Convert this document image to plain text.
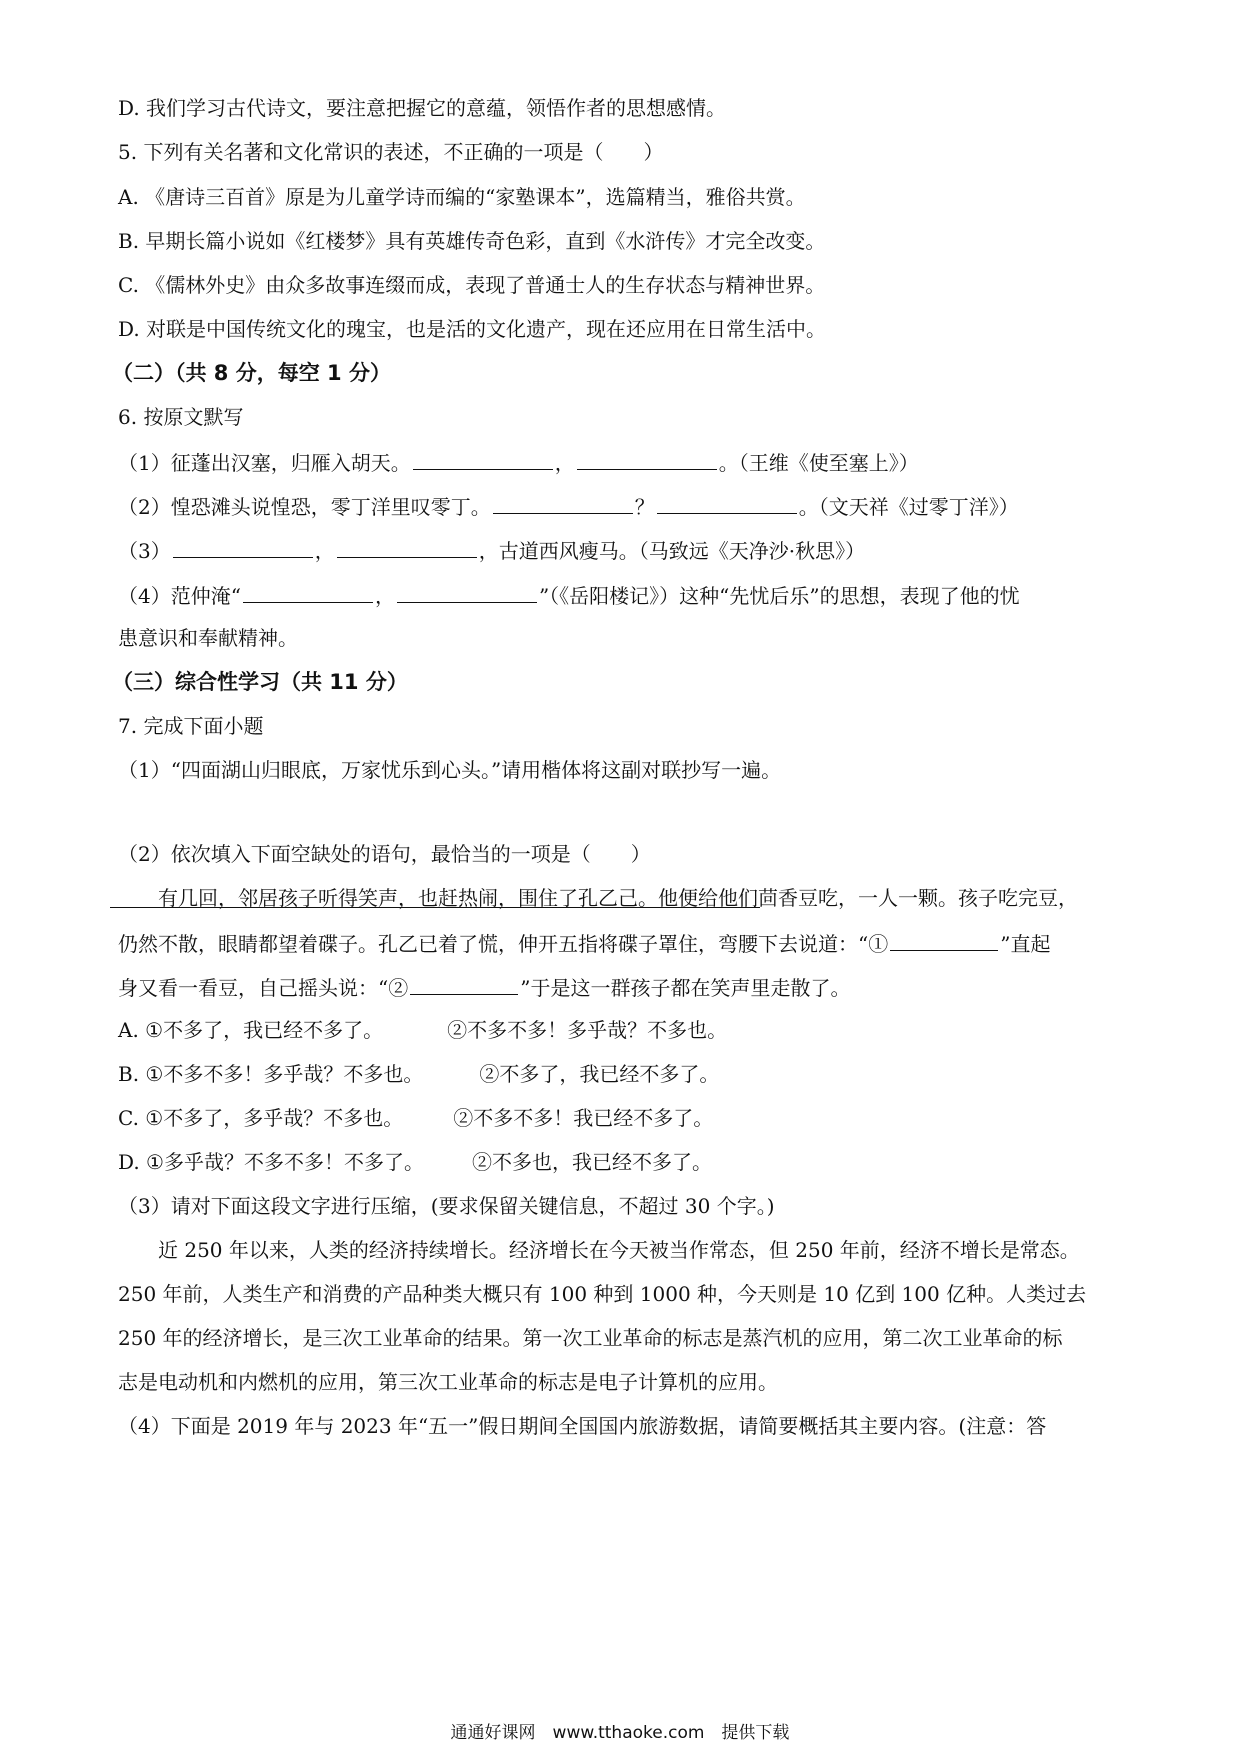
D. 我们学习古代诗文，要注意把握它的意蕴，领悟作者的思想感情。
5. 下列有关名著和文化常识的表述，不正确的一项是（　　）
A. 《唐诗三百首》原是为儿童学诗而编的“家塾课本”，选篇精当，雅俗共赏。
B. 早期长篇小说如《红楼梦》具有英雄传奇色彩，直到《水浒传》才完全改变。
C. 《儒林外史》由众多故事连缀而成，表现了普通士人的生存状态与精神世界。
D. 对联是中国传统文化的瑰宝，也是活的文化遗产，现在还应用在日常生活中。
（二）（共 8 分，每空 1 分）
6. 按原文默写
（1）征蓬出汉塞，归雁入胡天。	，	。（王维《使至塞上》）
（2）惶恐滩头说惶恐，零丁洋里叹零丁。	？	。（文天祥《过零丁洋》）
（3）	，	，古道西风瘦马。（马致远《天净沙·秋思》）
（4）范仲淹“	，	”（《岳阳楼记》）这种“先忧后乐”的思想，表现了他的忧
患意识和奉献精神。
（三）综合性学习（共 11 分）
7. 完成下面小题
（1）“四面湖山归眼底，万家忧乐到心头。”请用楷体将这副对联抄写一遍。
（2）依次填入下面空缺处的语句，最恰当的一项是（　　）
有几回，邻居孩子听得笑声，也赶热闹，围住了孔乙己。他便给他们茴香豆吃，一人一颗。孩子吃完豆，
仍然不散，眼睛都望着碟子。孔乙已着了慌，伸开五指将碟子罩住，弯腰下去说道：“①	”直起
身又看一看豆，自己摇头说：“②	”于是这一群孩子都在笑声里走散了。
A. ①不多了，我已经不多了。	②不多不多！多乎哉？不多也。
B. ①不多不多！多乎哉？不多也。	②不多了，我已经不多了。
C. ①不多了，多乎哉？不多也。	②不多不多！我已经不多了。
D. ①多乎哉？不多不多！不多了。 ②不多也，我已经不多了。
（3）请对下面这段文字进行压缩，(要求保留关键信息，不超过 30 个字。)
近 250 年以来，人类的经济持续增长。经济增长在今天被当作常态，但 250 年前，经济不增长是常态。
250 年前，人类生产和消费的产品种类大概只有 100 种到 1000 种，今天则是 10 亿到 100 亿种。人类过去
250 年的经济增长，是三次工业革命的结果。第一次工业革命的标志是蒸汽机的应用，第二次工业革命的标
志是电动机和内燃机的应用，第三次工业革命的标志是电子计算机的应用。
（4）下面是 2019 年与 2023 年“五一”假日期间全国国内旅游数据，请简要概括其主要内容。(注意：答
通通好课网　www.tthaoke.com　提供下载
